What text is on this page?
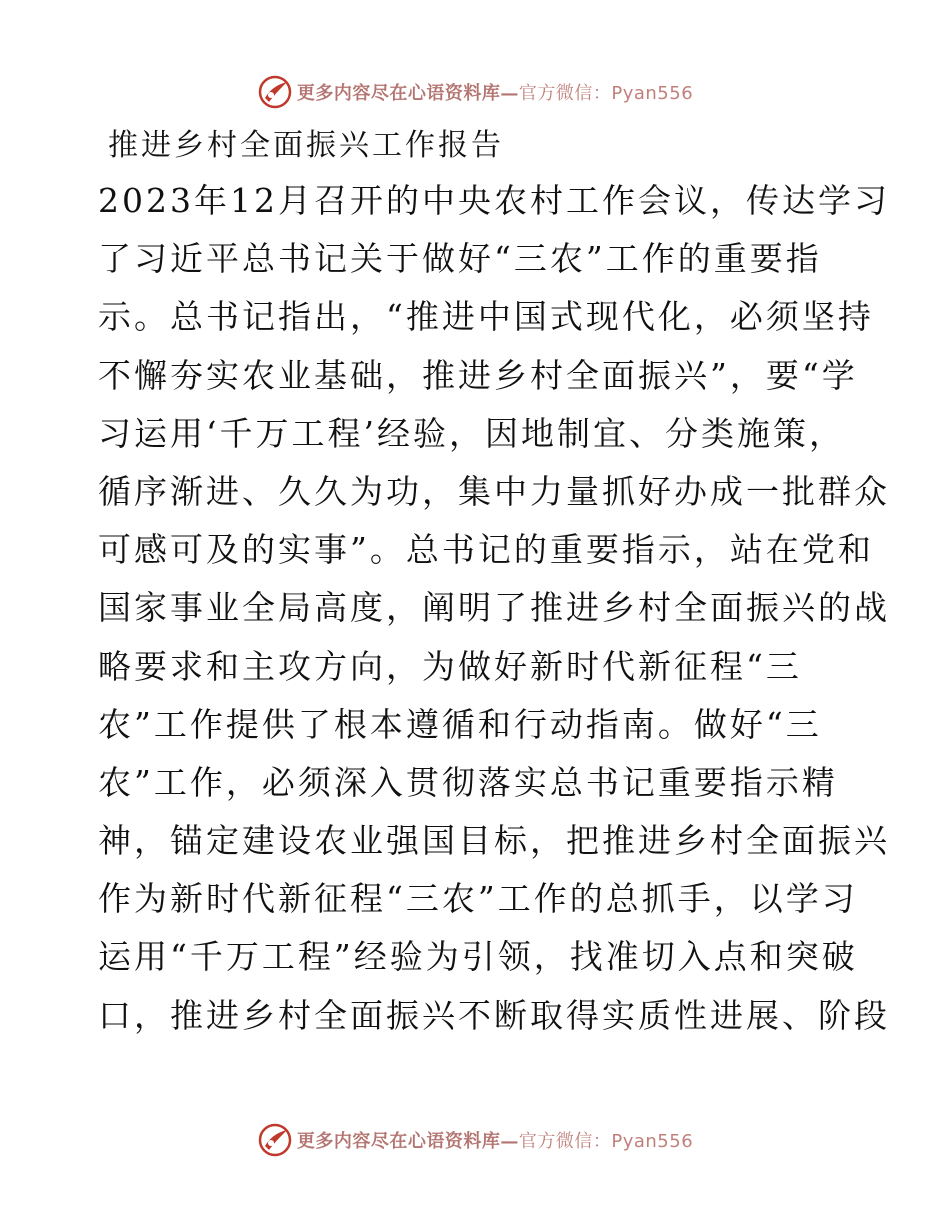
更多内容尽在心语资料库—官方微信：Pyan556
推进乡村全面振兴工作报告
2023年12月召开的中央农村工作会议，传达学习
了习近平总书记关于做好“三农”工作的重要指
示。总书记指出，“推进中国式现代化，必须坚持
不懈夯实农业基础，推进乡村全面振兴”，要“学
习运用‘千万工程’经验，因地制宜、分类施策，
循序渐进、久久为功，集中力量抓好办成一批群众
可感可及的实事”。总书记的重要指示，站在党和
国家事业全局高度，阐明了推进乡村全面振兴的战
略要求和主攻方向，为做好新时代新征程“三
农”工作提供了根本遵循和行动指南。做好“三
农”工作，必须深入贯彻落实总书记重要指示精
神，锚定建设农业强国目标，把推进乡村全面振兴
作为新时代新征程“三农”工作的总抓手，以学习
运用“千万工程”经验为引领，找准切入点和突破
口，推进乡村全面振兴不断取得实质性进展、阶段
更多内容尽在心语资料库—官方微信：Pyan556
